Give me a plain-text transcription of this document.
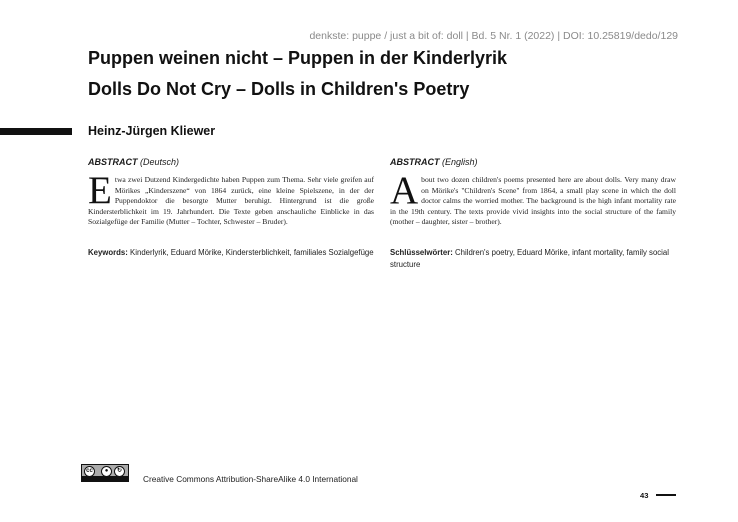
denkste: puppe / just a bit of: doll | Bd. 5 Nr. 1 (2022) | DOI: 10.25819/dedo/129
Puppen weinen nicht – Puppen in der Kinderlyrik
Dolls Do Not Cry – Dolls in Children's Poetry
Heinz-Jürgen Kliewer
ABSTRACT (Deutsch)

Etwa zwei Dutzend Kindergedichte haben Puppen zum Thema. Sehr viele greifen auf Mörikes „Kinderszene“ von 1864 zurück, eine kleine Spielszene, in der der Puppendoktor die besorgte Mutter beruhigt. Hintergrund ist die große Kindersterblichkeit im 19. Jahrhundert. Die Texte geben anschauliche Einblicke in das Sozialgefüge der Familie (Mutter – Tochter, Schwester – Bruder).

Keywords: Kinderlyrik, Eduard Mörike, Kindersterblichkeit, familiales Sozialgefüge

ABSTRACT (English)

About two dozen children's poems presented here are about dolls. Very many draw on Mörike's "Children's Scene" from 1864, a small play scene in which the doll doctor calms the worried mother. The background is the high infant mortality rate in the 19th century. The texts provide vivid insights into the social structure of the family (mother – daughter, sister – brother).

Schlüsselwörter: Children's poetry, Eduard Mörike, infant mortality, family social structure

cc	●	↻
Creative Commons Attribution-ShareAlike 4.0 International
43
